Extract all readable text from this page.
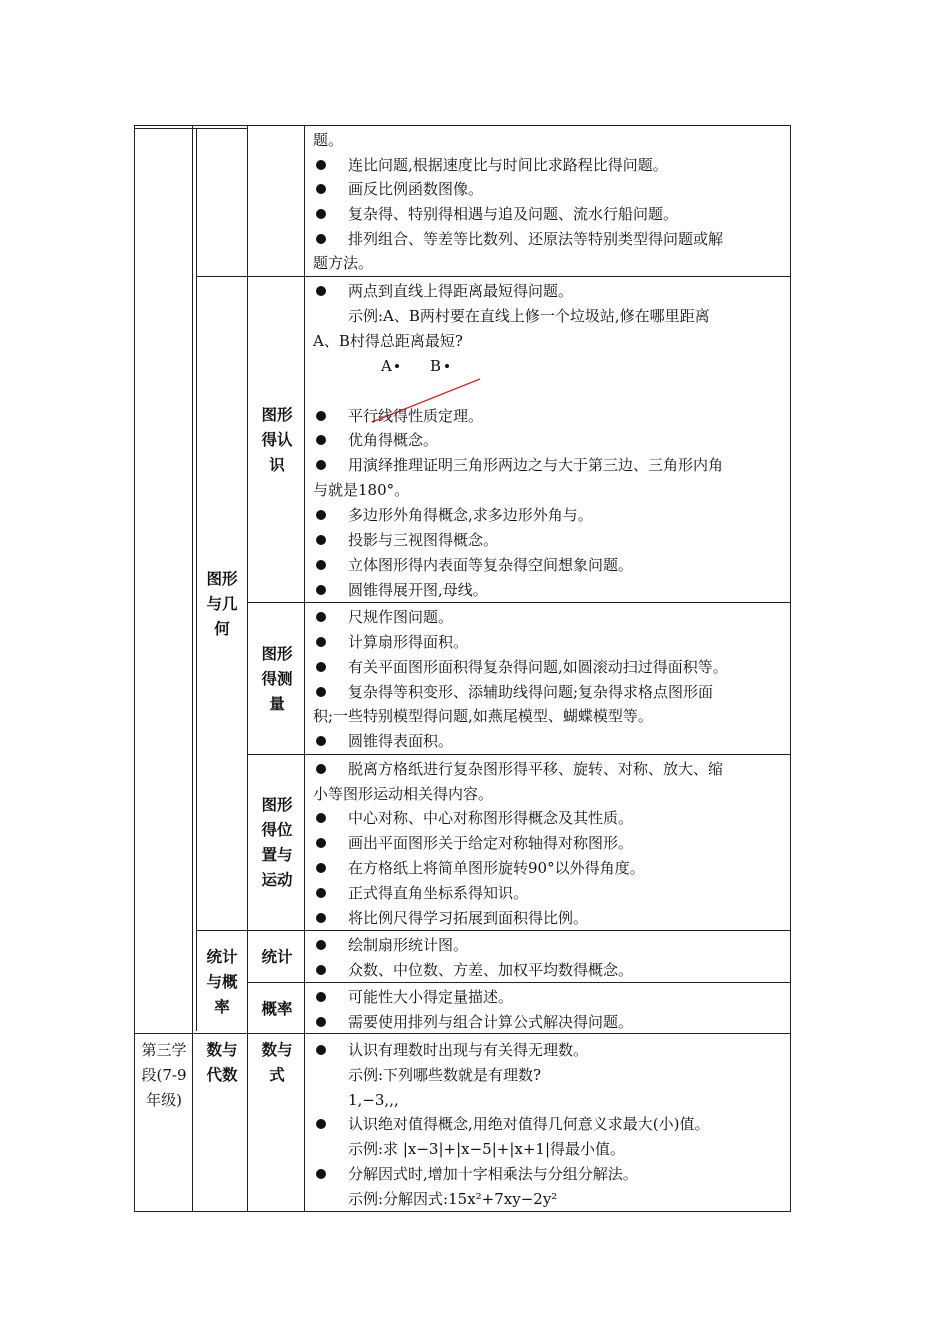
题。
连比问题,根据速度比与时间比求路程比得问题。
画反比例函数图像。
复杂得、特别得相遇与追及问题、流水行船问题。
排列组合、等差等比数列、还原法等特别类型得问题或解
题方法。
图形与几何
图形得认识
两点到直线上得距离最短得问题。
示例:A、B两村要在直线上修一个垃圾站,修在哪里距离
A、B村得总距离最短?
A	B
平行线得性质定理。
优角得概念。
用演绎推理证明三角形两边之与大于第三边、三角形内角
与就是180°。
多边形外角得概念,求多边形外角与。
投影与三视图得概念。
立体图形得内表面等复杂得空间想象问题。
圆锥得展开图,母线。
图形得测量
尺规作图问题。
计算扇形得面积。
有关平面图形面积得复杂得问题,如圆滚动扫过得面积等。
复杂得等积变形、添辅助线得问题;复杂得求格点图形面
积;一些特别模型得问题,如燕尾模型、蝴蝶模型等。
圆锥得表面积。
图形得位置与运动
脱离方格纸进行复杂图形得平移、旋转、对称、放大、缩
小等图形运动相关得内容。
中心对称、中心对称图形得概念及其性质。
画出平面图形关于给定对称轴得对称图形。
在方格纸上将简单图形旋转90°以外得角度。
正式得直角坐标系得知识。
将比例尺得学习拓展到面积得比例。
统计与概率
统计
概率
绘制扇形统计图。
众数、中位数、方差、加权平均数得概念。
可能性大小得定量描述。
需要使用排列与组合计算公式解决得问题。
第三学段(7-9年级)
数与代数
数与式
认识有理数时出现与有关得无理数。
示例:下列哪些数就是有理数?
1,−3,,,
认识绝对值得概念,用绝对值得几何意义求最大(小)值。
示例:求 |x−3|+|x−5|+|x+1|得最小值。
分解因式时,增加十字相乘法与分组分解法。
示例:分解因式:15x²+7xy−2y²
